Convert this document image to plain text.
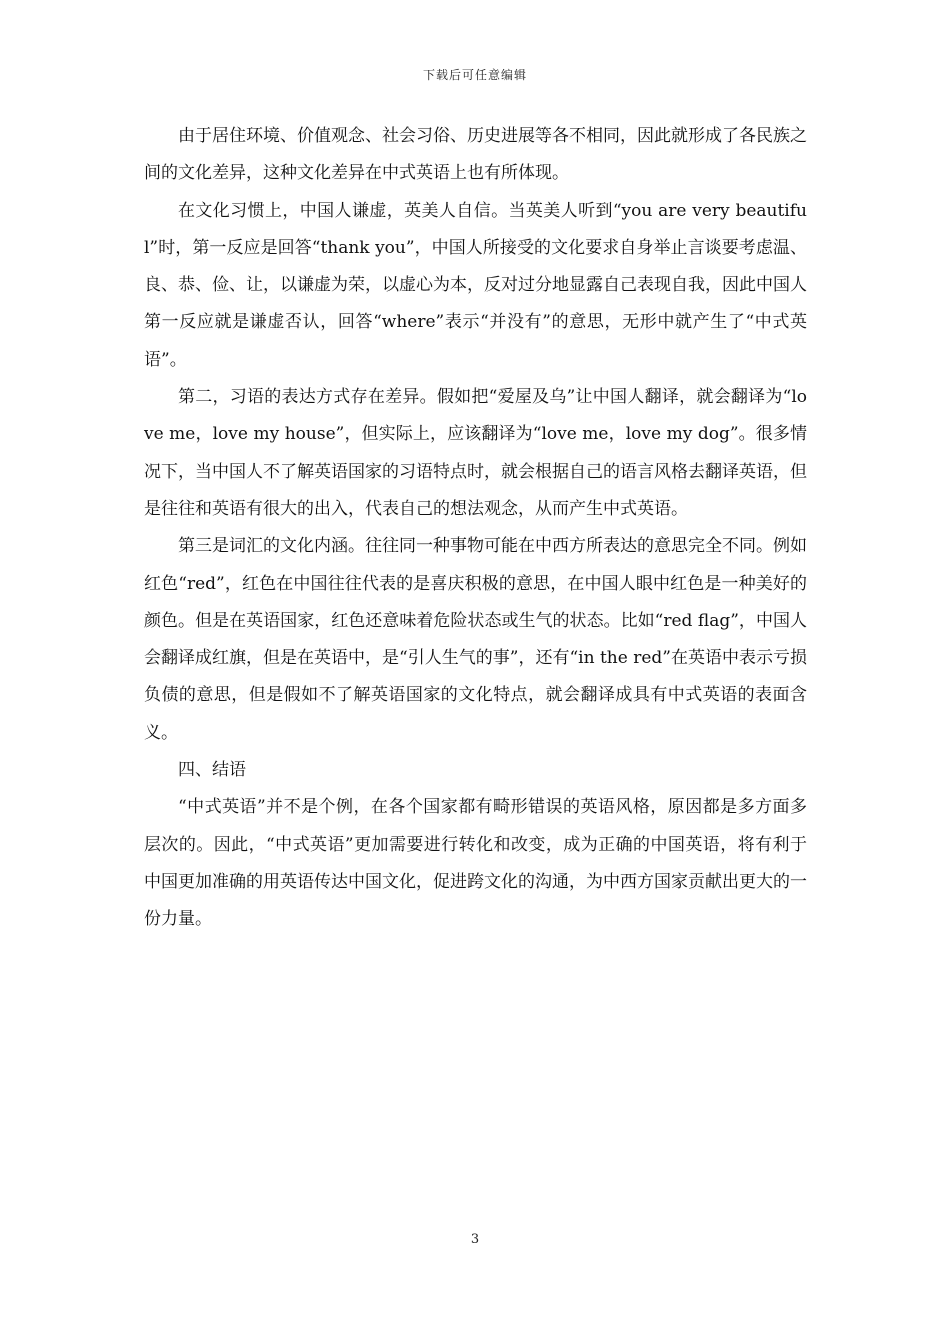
下载后可任意编辑

由于居住环境、价值观念、社会习俗、历史进展等各不相同，因此就形成了各民族之间的文化差异，这种文化差异在中式英语上也有所体现。

在文化习惯上，中国人谦虚，英美人自信。当英美人听到“you are very beautiful”时，第一反应是回答“thank you”，中国人所接受的文化要求自身举止言谈要考虑温、良、恭、俭、让，以谦虚为荣，以虚心为本，反对过分地显露自己表现自我，因此中国人第一反应就是谦虚否认，回答“where”表示“并没有”的意思，无形中就产生了“中式英语”。

第二，习语的表达方式存在差异。假如把“爱屋及乌”让中国人翻译，就会翻译为“love me，love my house”，但实际上，应该翻译为“love me，love my dog”。很多情况下，当中国人不了解英语国家的习语特点时，就会根据自己的语言风格去翻译英语，但是往往和英语有很大的出入，代表自己的想法观念，从而产生中式英语。

第三是词汇的文化内涵。往往同一种事物可能在中西方所表达的意思完全不同。例如红色“red”，红色在中国往往代表的是喜庆积极的意思，在中国人眼中红色是一种美好的颜色。但是在英语国家，红色还意味着危险状态或生气的状态。比如“red flag”，中国人会翻译成红旗，但是在英语中，是“引人生气的事”，还有“in the red”在英语中表示亏损负债的意思，但是假如不了解英语国家的文化特点，就会翻译成具有中式英语的表面含义。

四、结语

“中式英语”并不是个例，在各个国家都有畸形错误的英语风格，原因都是多方面多层次的。因此，“中式英语”更加需要进行转化和改变，成为正确的中国英语，将有利于中国更加准确的用英语传达中国文化，促进跨文化的沟通，为中西方国家贡献出更大的一份力量。

3
